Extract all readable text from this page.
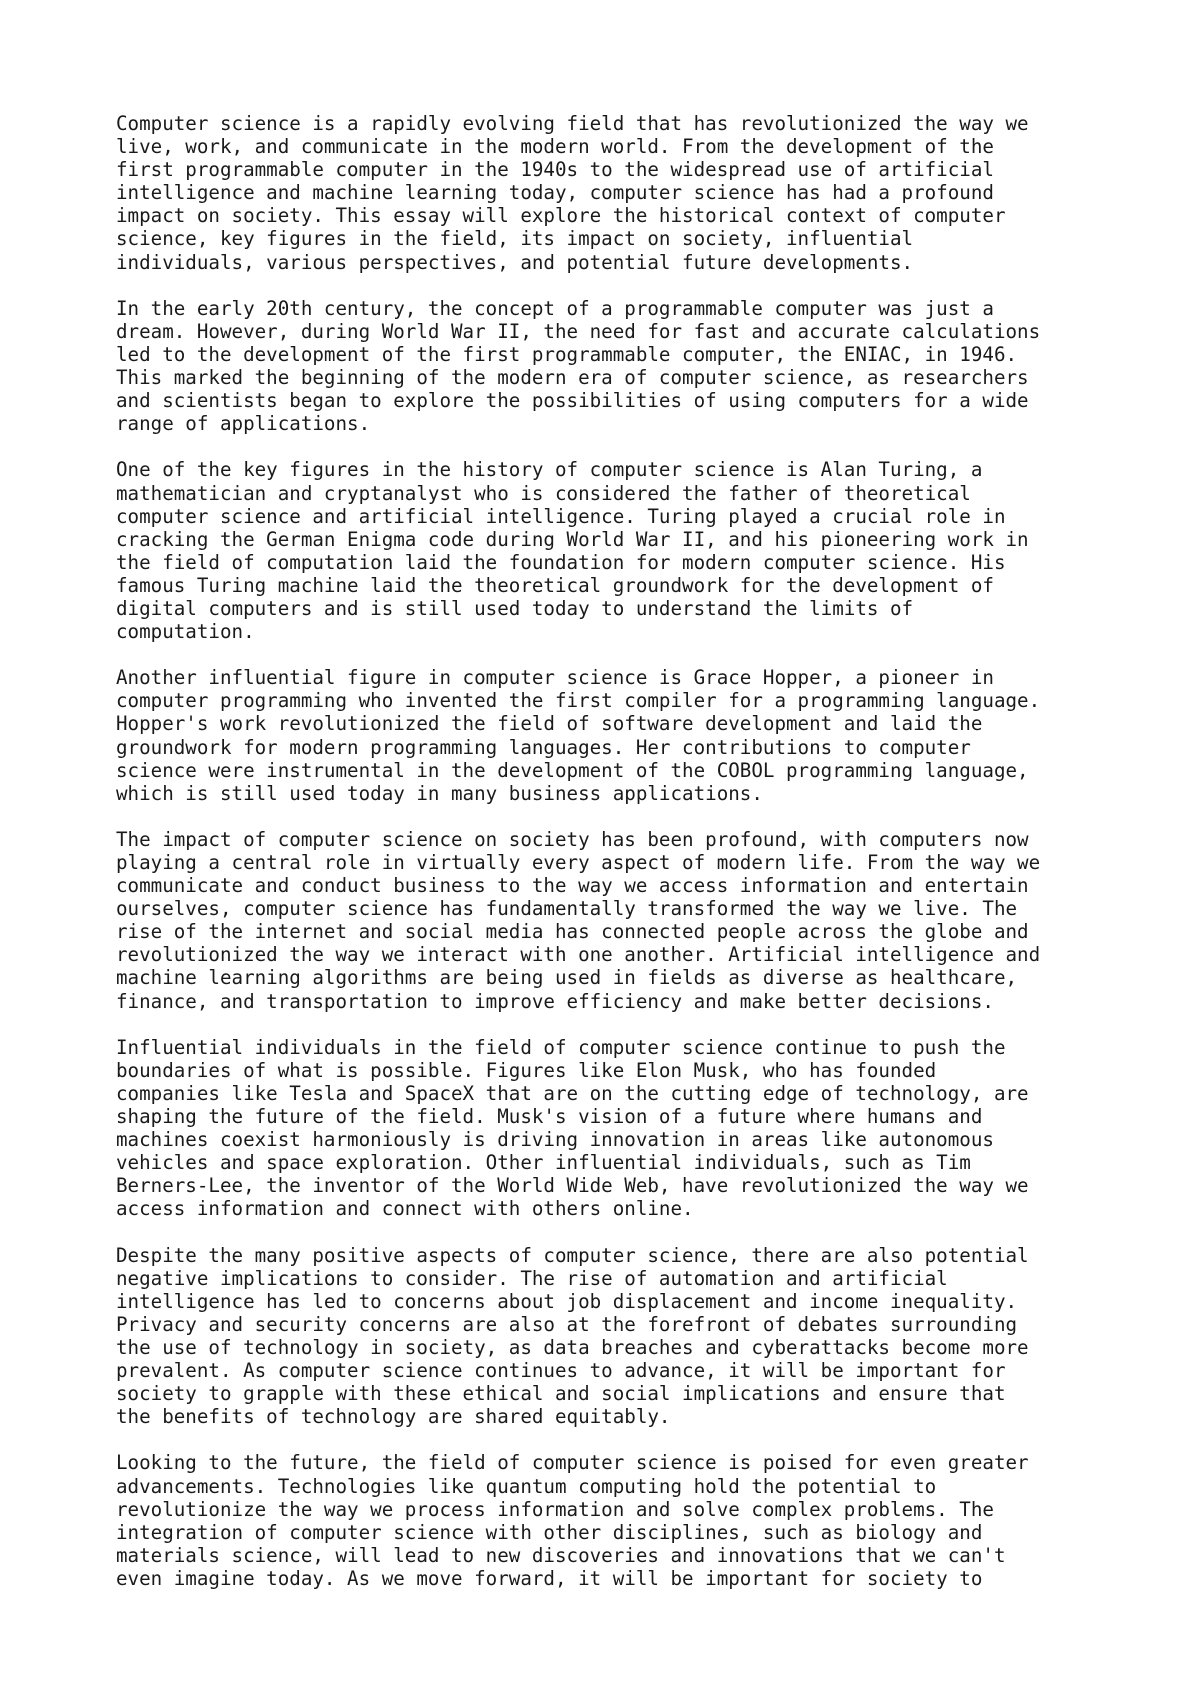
Computer science is a rapidly evolving field that has revolutionized the way we
live, work, and communicate in the modern world. From the development of the
first programmable computer in the 1940s to the widespread use of artificial
intelligence and machine learning today, computer science has had a profound
impact on society. This essay will explore the historical context of computer
science, key figures in the field, its impact on society, influential
individuals, various perspectives, and potential future developments.
In the early 20th century, the concept of a programmable computer was just a
dream. However, during World War II, the need for fast and accurate calculations
led to the development of the first programmable computer, the ENIAC, in 1946.
This marked the beginning of the modern era of computer science, as researchers
and scientists began to explore the possibilities of using computers for a wide
range of applications.
One of the key figures in the history of computer science is Alan Turing, a
mathematician and cryptanalyst who is considered the father of theoretical
computer science and artificial intelligence. Turing played a crucial role in
cracking the German Enigma code during World War II, and his pioneering work in
the field of computation laid the foundation for modern computer science. His
famous Turing machine laid the theoretical groundwork for the development of
digital computers and is still used today to understand the limits of
computation.
Another influential figure in computer science is Grace Hopper, a pioneer in
computer programming who invented the first compiler for a programming language.
Hopper's work revolutionized the field of software development and laid the
groundwork for modern programming languages. Her contributions to computer
science were instrumental in the development of the COBOL programming language,
which is still used today in many business applications.
The impact of computer science on society has been profound, with computers now
playing a central role in virtually every aspect of modern life. From the way we
communicate and conduct business to the way we access information and entertain
ourselves, computer science has fundamentally transformed the way we live. The
rise of the internet and social media has connected people across the globe and
revolutionized the way we interact with one another. Artificial intelligence and
machine learning algorithms are being used in fields as diverse as healthcare,
finance, and transportation to improve efficiency and make better decisions.
Influential individuals in the field of computer science continue to push the
boundaries of what is possible. Figures like Elon Musk, who has founded
companies like Tesla and SpaceX that are on the cutting edge of technology, are
shaping the future of the field. Musk's vision of a future where humans and
machines coexist harmoniously is driving innovation in areas like autonomous
vehicles and space exploration. Other influential individuals, such as Tim
Berners-Lee, the inventor of the World Wide Web, have revolutionized the way we
access information and connect with others online.
Despite the many positive aspects of computer science, there are also potential
negative implications to consider. The rise of automation and artificial
intelligence has led to concerns about job displacement and income inequality.
Privacy and security concerns are also at the forefront of debates surrounding
the use of technology in society, as data breaches and cyberattacks become more
prevalent. As computer science continues to advance, it will be important for
society to grapple with these ethical and social implications and ensure that
the benefits of technology are shared equitably.
Looking to the future, the field of computer science is poised for even greater
advancements. Technologies like quantum computing hold the potential to
revolutionize the way we process information and solve complex problems. The
integration of computer science with other disciplines, such as biology and
materials science, will lead to new discoveries and innovations that we can't
even imagine today. As we move forward, it will be important for society to
